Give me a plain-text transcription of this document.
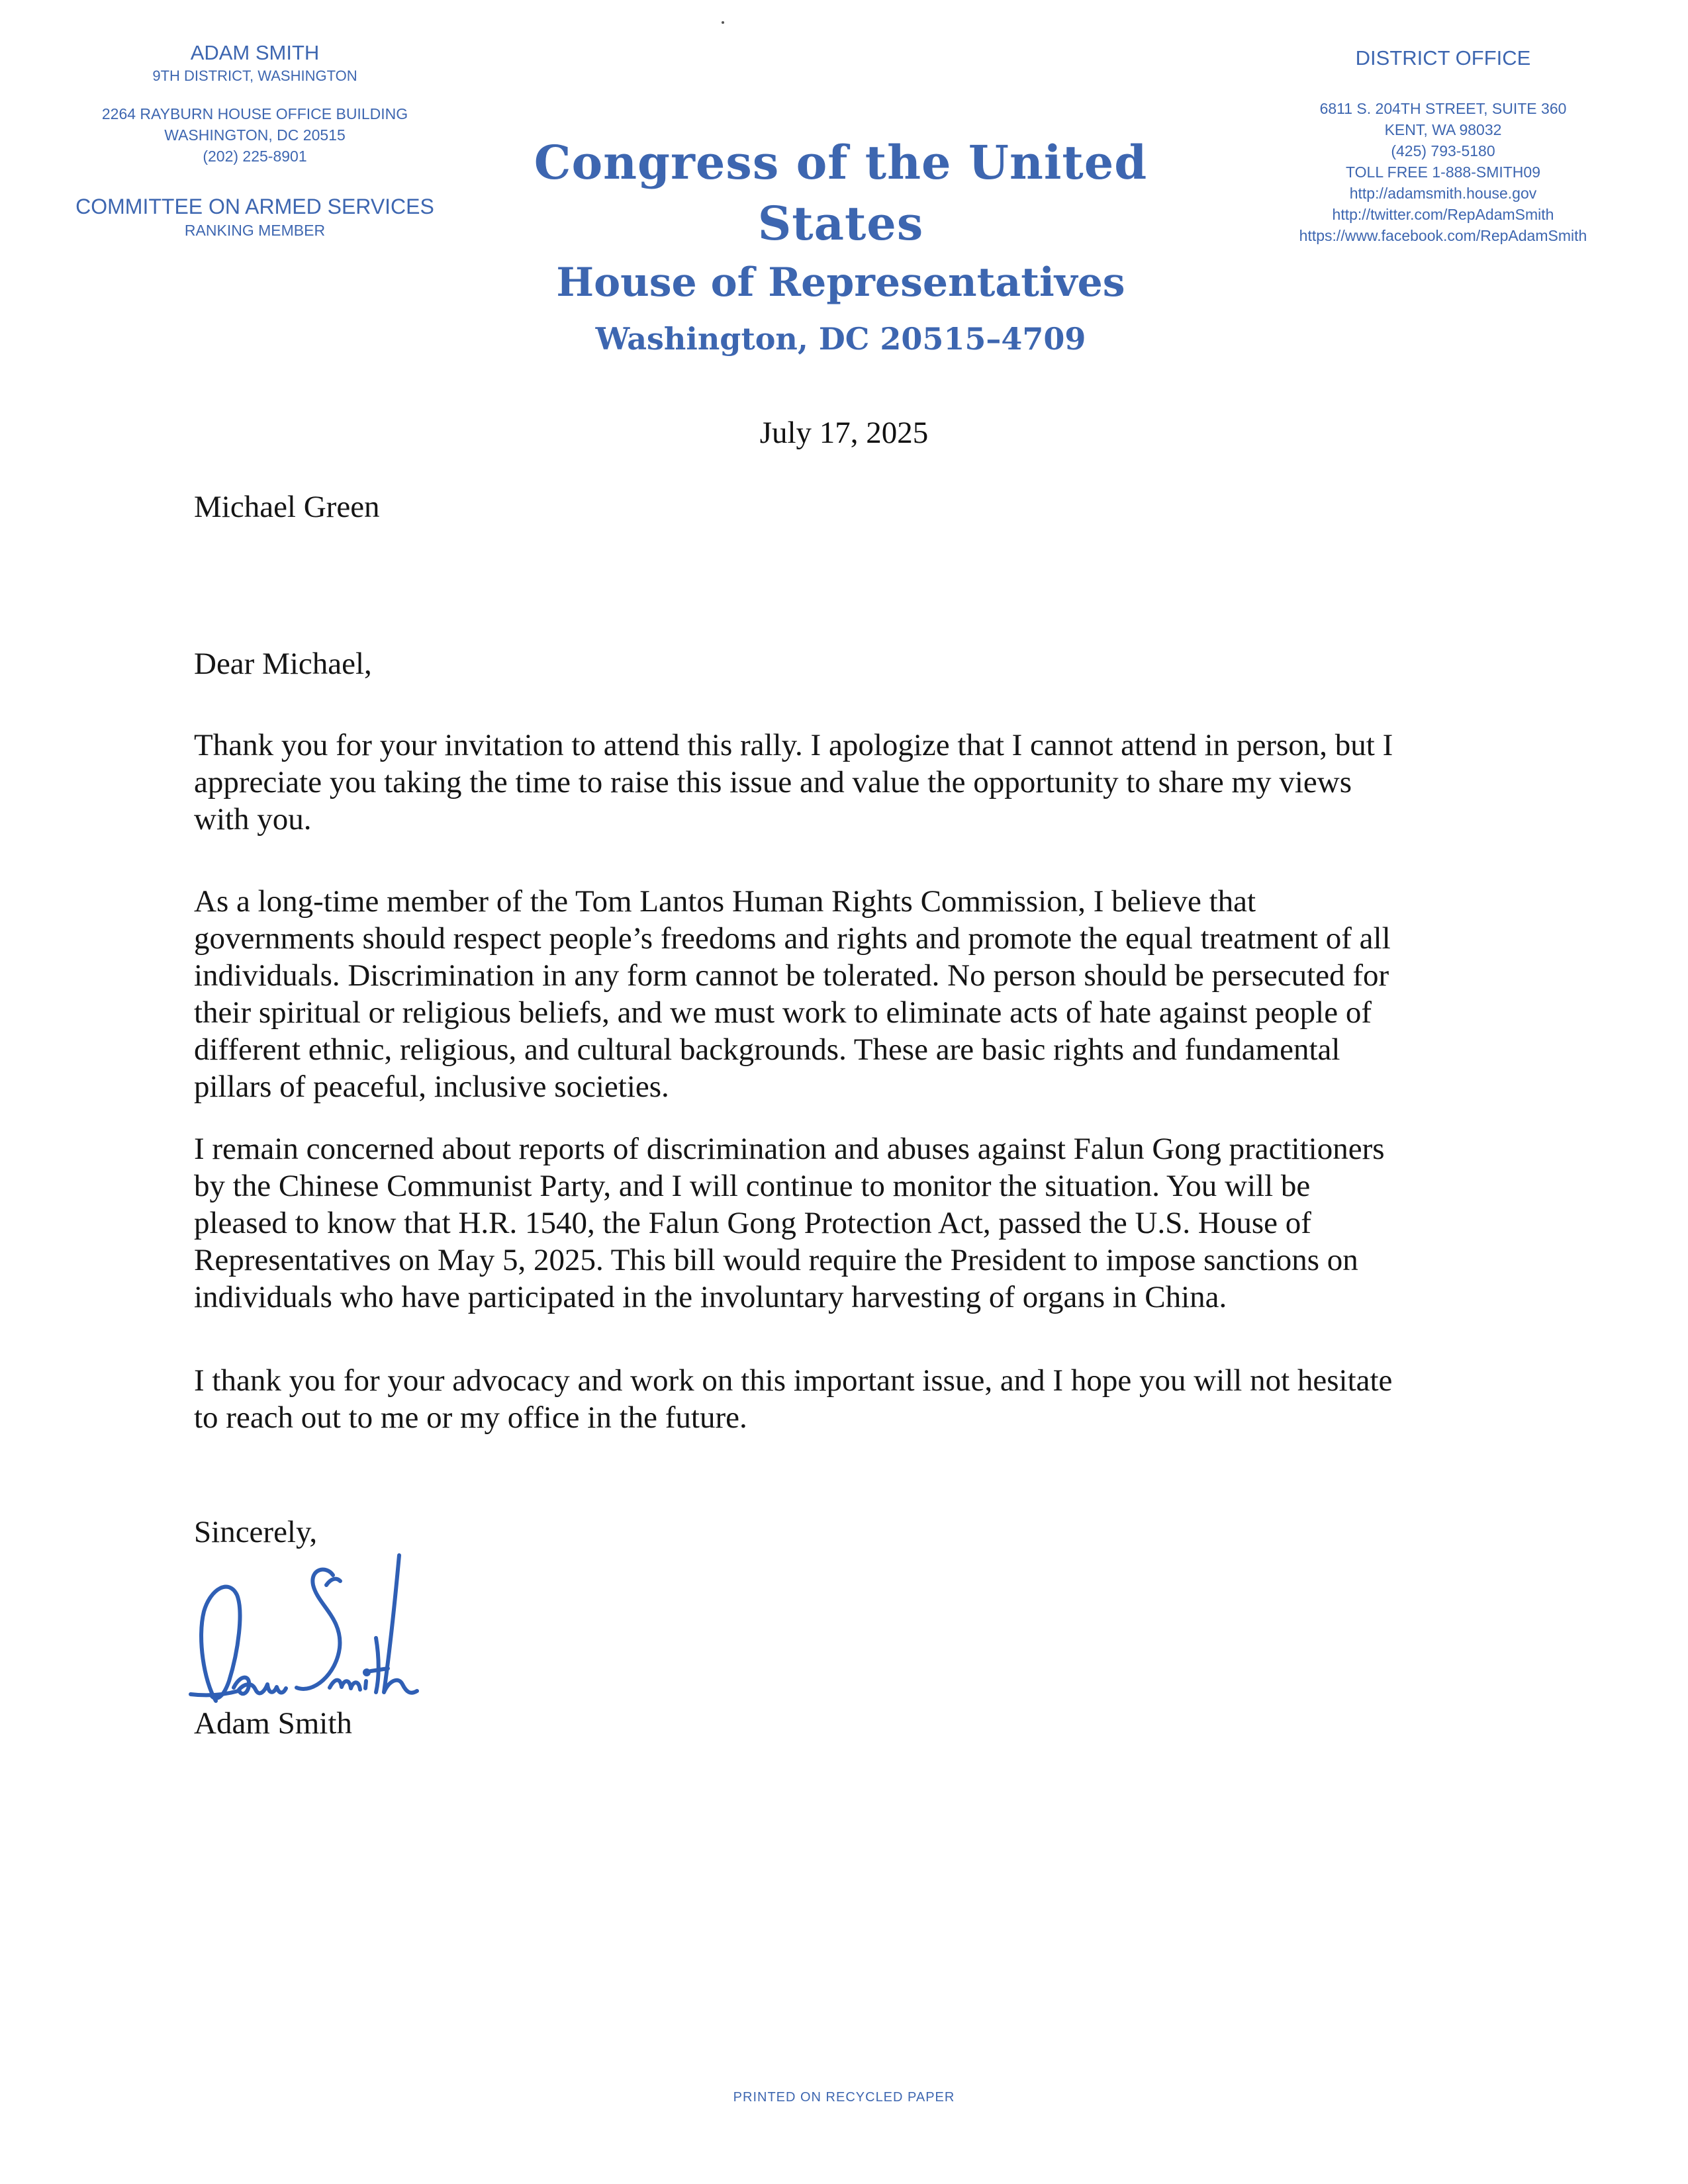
ADAM SMITH
9TH DISTRICT, WASHINGTON
2264 RAYBURN HOUSE OFFICE BUILDING
WASHINGTON, DC 20515
(202) 225-8901
COMMITTEE ON ARMED SERVICES
RANKING MEMBER
Congress of the United States
House of Representatives
Washington, DC 20515–4709
DISTRICT OFFICE
6811 S. 204TH STREET, SUITE 360
KENT, WA 98032
(425) 793-5180
TOLL FREE 1-888-SMITH09
http://adamsmith.house.gov
http://twitter.com/RepAdamSmith
https://www.facebook.com/RepAdamSmith
July 17, 2025
Michael Green
Dear Michael,
Thank you for your invitation to attend this rally. I apologize that I cannot attend in person, but I
appreciate you taking the time to raise this issue and value the opportunity to share my views
with you.
As a long-time member of the Tom Lantos Human Rights Commission, I believe that
governments should respect people’s freedoms and rights and promote the equal treatment of all
individuals. Discrimination in any form cannot be tolerated. No person should be persecuted for
their spiritual or religious beliefs, and we must work to eliminate acts of hate against people of
different ethnic, religious, and cultural backgrounds. These are basic rights and fundamental
pillars of peaceful, inclusive societies.
I remain concerned about reports of discrimination and abuses against Falun Gong practitioners
by the Chinese Communist Party, and I will continue to monitor the situation. You will be
pleased to know that H.R. 1540, the Falun Gong Protection Act, passed the U.S. House of
Representatives on May 5, 2025. This bill would require the President to impose sanctions on
individuals who have participated in the involuntary harvesting of organs in China.
I thank you for your advocacy and work on this important issue, and I hope you will not hesitate
to reach out to me or my office in the future.
Sincerely,
Adam Smith
PRINTED ON RECYCLED PAPER
